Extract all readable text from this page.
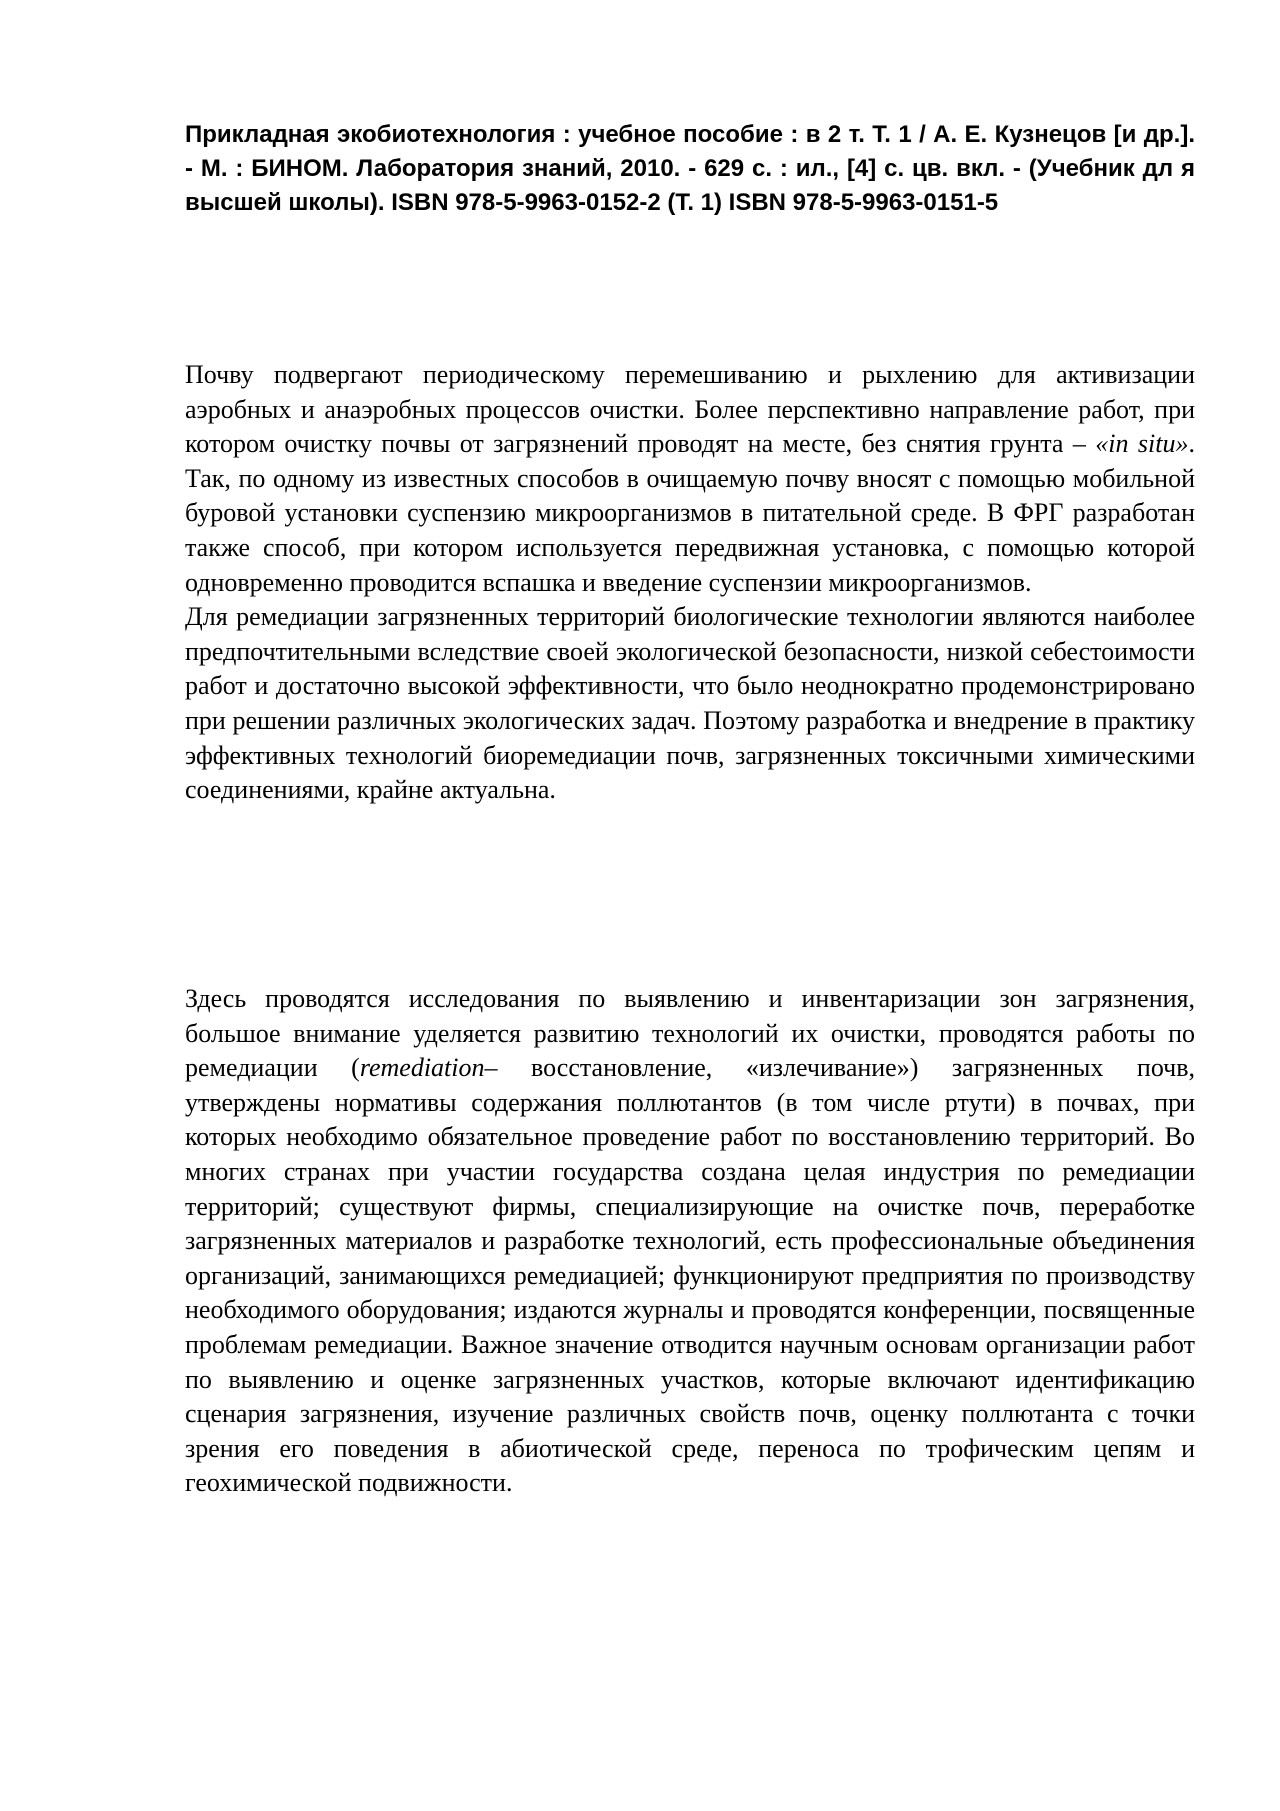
Прикладная экобиотехнология : учебное пособие : в 2 т. Т. 1 / А. Е. Кузнецов [и др.]. - М. : БИНОМ. Лаборатория знаний, 2010. - 629 с. : ил., [4] с. цв. вкл. - (Учебник дл я высшей школы). ISBN 978-5-9963-0152-2 (Т. 1) ISBN 978-5-9963-0151-5

Почву подвергают периодическому перемешиванию и рыхлению для активизации аэробных и анаэробных процессов очистки. Более перспективно направление работ, при котором очистку почвы от загрязнений проводят на месте, без снятия грунта – «in situ». Так, по одному из известных способов в очищаемую почву вносят с помощью мобильной буровой установки суспензию микроорганизмов в питательной среде. В ФРГ разработан также способ, при котором используется передвижная установка, с помощью которой одновременно проводится вспашка и введение суспензии микроорганизмов.

Для ремедиации загрязненных территорий биологические технологии являются наиболее предпочтительными вследствие своей экологической безопасности, низкой себестоимости работ и достаточно высокой эффективности, что было неоднократно продемонстрировано при решении различных экологических задач. Поэтому разработка и внедрение в практику эффективных технологий биоремедиации почв, загрязненных токсичными химическими соединениями, крайне актуальна.

Здесь проводятся исследования по выявлению и инвентаризации зон загрязнения, большое внимание уделяется развитию технологий их очистки, проводятся работы по ремедиации (remediation– восстановление, «излечивание») загрязненных почв, утверждены нормативы содержания поллютантов (в том числе ртути) в почвах, при которых необходимо обязательное проведение работ по восстановлению территорий. Во многих странах при участии государства создана целая индустрия по ремедиации территорий; существуют фирмы, специализирующие на очистке почв, переработке загрязненных материалов и разработке технологий, есть профессиональные объединения организаций, занимающихся ремедиацией; функционируют предприятия по производству необходимого оборудования; издаются журналы и проводятся конференции, посвященные проблемам ремедиации. Важное значение отводится научным основам организации работ по выявлению и оценке загрязненных участков, которые включают идентификацию сценария загрязнения, изучение различных свойств почв, оценку поллютанта с точки зрения его поведения в абиотической среде, переноса по трофическим цепям и геохимической подвижности.
